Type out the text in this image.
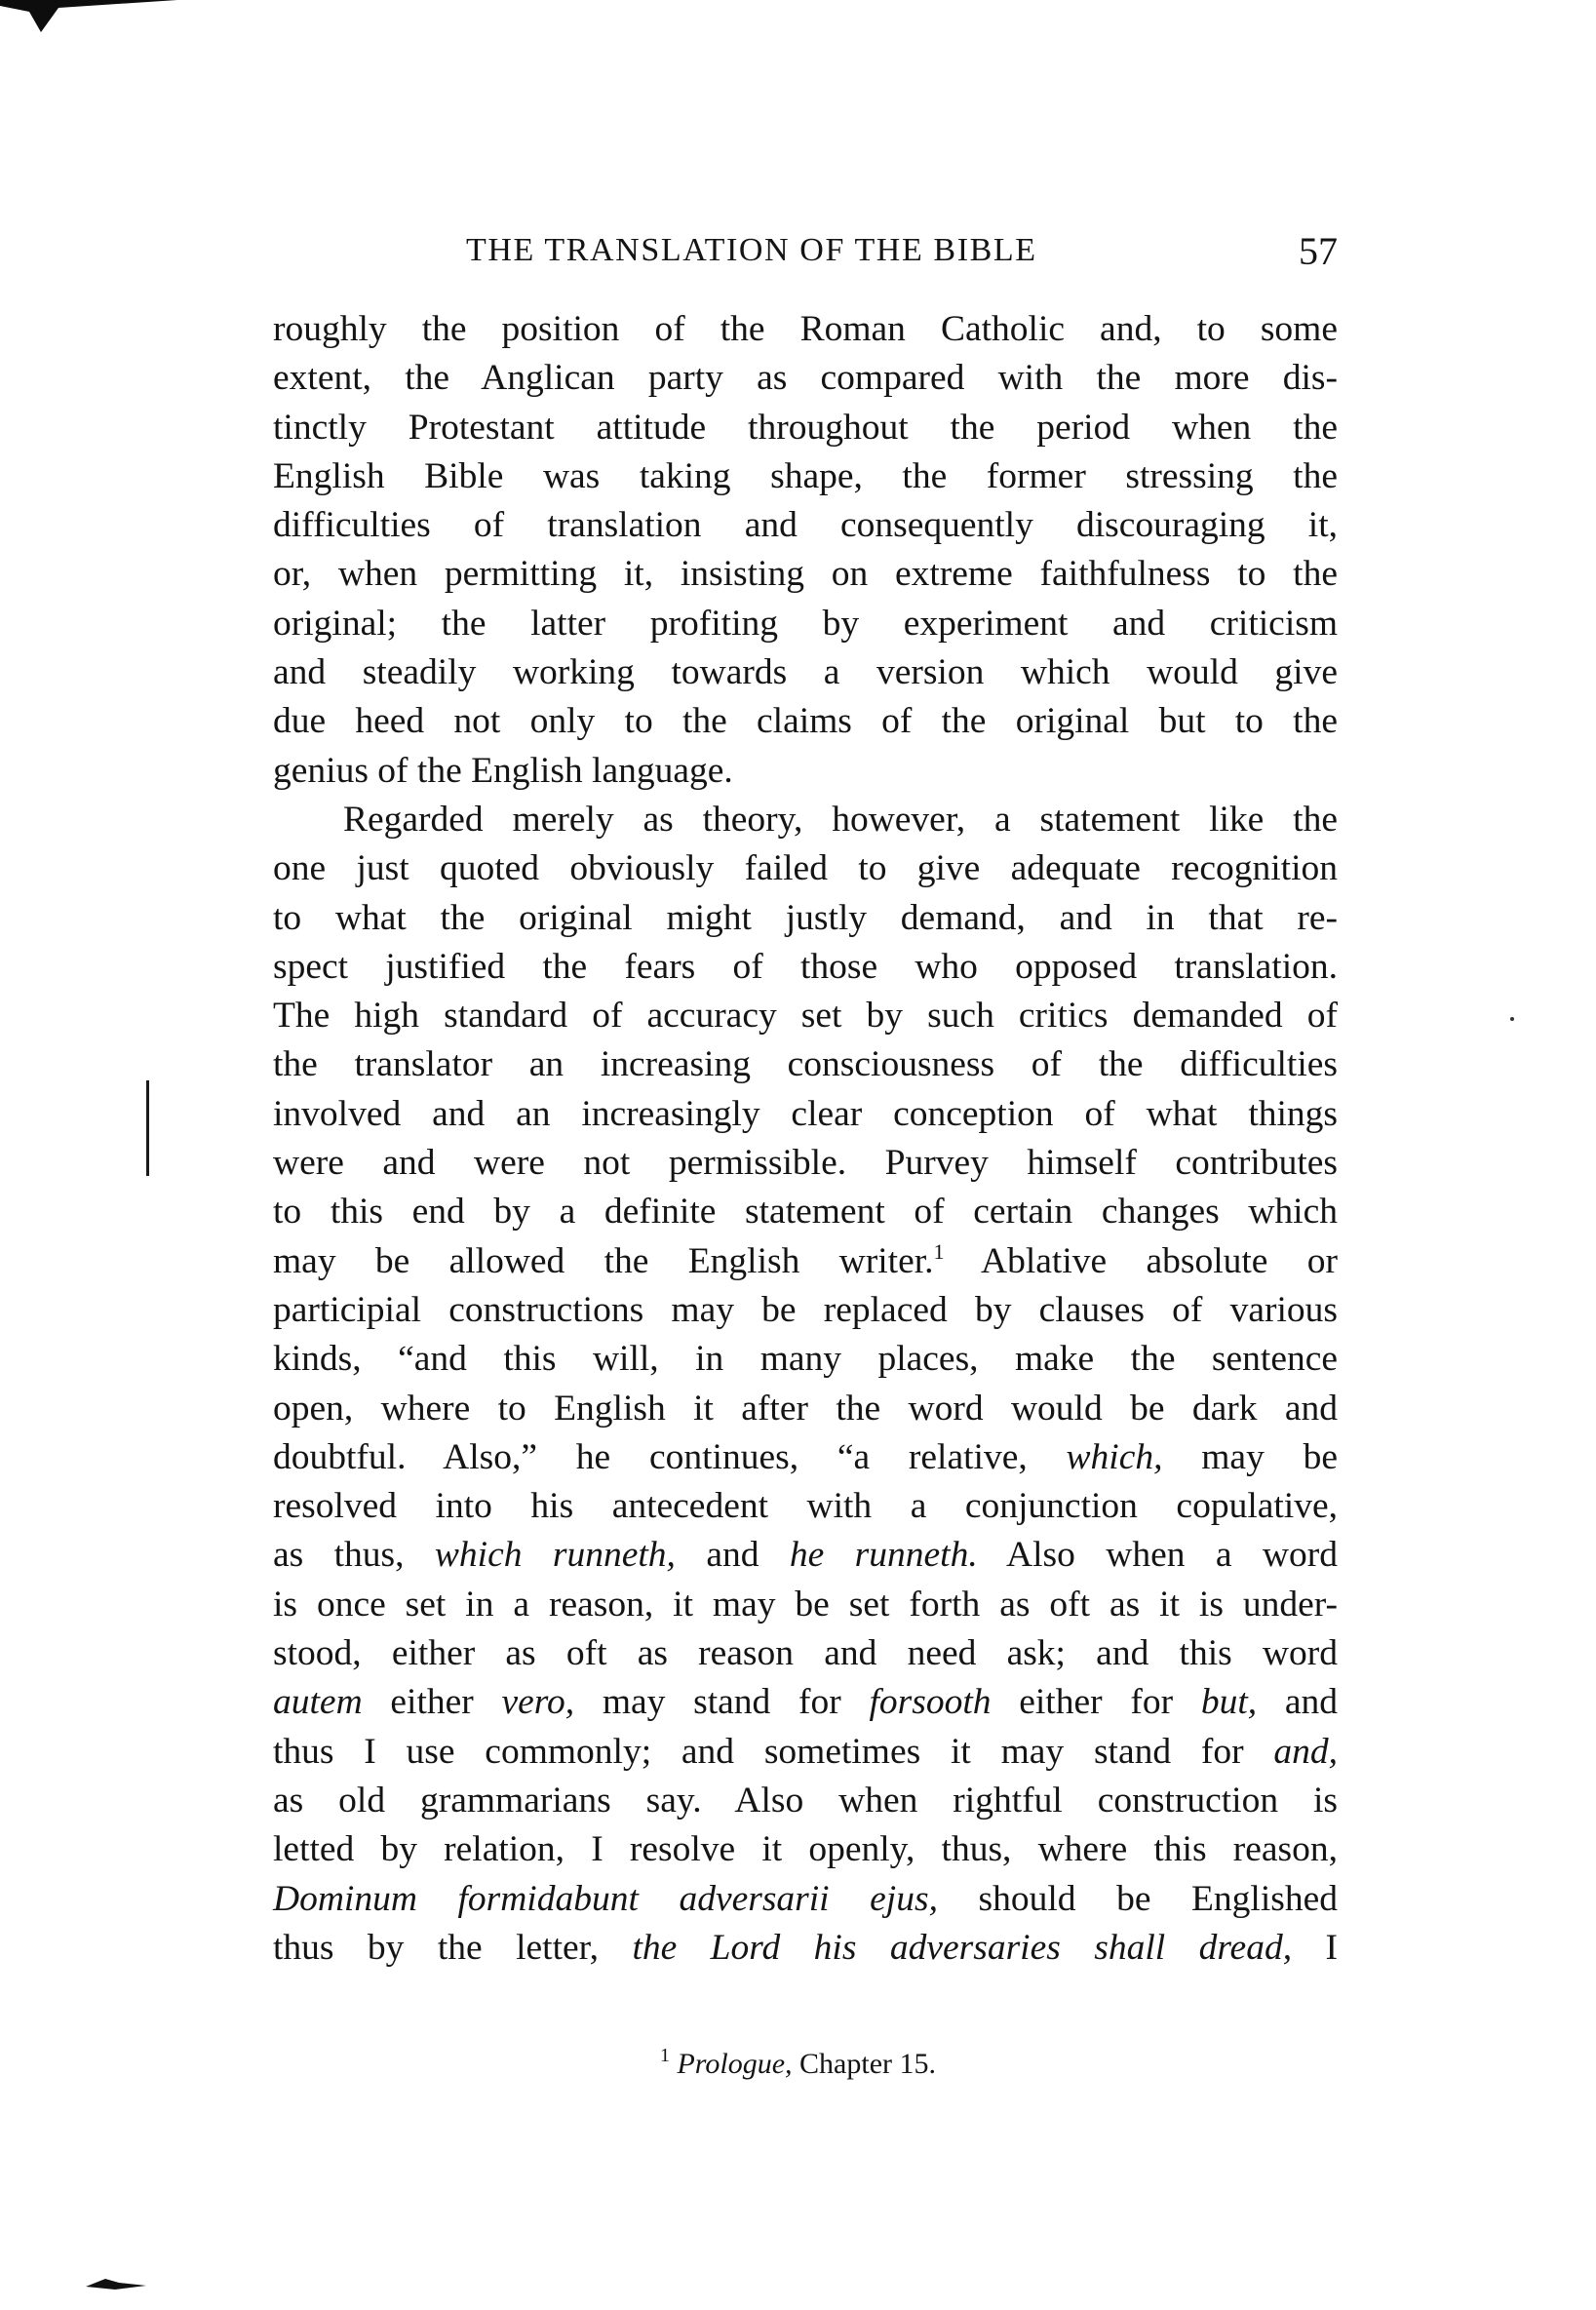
THE TRANSLATION OF THE BIBLE	57
roughly the position of the Roman Catholic and, to some
extent, the Anglican party as compared with the more dis-
tinctly Protestant attitude throughout the period when the
English Bible was taking shape, the former stressing the
difficulties of translation and consequently discouraging it,
or, when permitting it, insisting on extreme faithfulness to the
original; the latter profiting by experiment and criticism
and steadily working towards a version which would give
due heed not only to the claims of the original but to the
genius of the English language.
Regarded merely as theory, however, a statement like the
one just quoted obviously failed to give adequate recognition
to what the original might justly demand, and in that re-
spect justified the fears of those who opposed translation.
The high standard of accuracy set by such critics demanded of
the translator an increasing consciousness of the difficulties
involved and an increasingly clear conception of what things
were and were not permissible. Purvey himself contributes
to this end by a definite statement of certain changes which
may be allowed the English writer.$^1$  Ablative absolute or
participial constructions may be replaced by clauses of various
kinds, “and this will, in many places, make the sentence
open, where to English it after the word would be dark and
doubtful. Also,” he continues, “a relative, which, may be
resolved into his antecedent with a conjunction copulative,
as thus, which runneth, and he runneth. Also when a word
is once set in a reason, it may be set forth as oft as it is under-
stood, either as oft as reason and need ask; and this word
autem either vero, may stand for forsooth either for but, and
thus I use commonly; and sometimes it may stand for and,
as old grammarians say. Also when rightful construction is
letted by relation, I resolve it openly, thus, where this reason,
Dominum formidabunt adversarii ejus, should be Englished
thus by the letter, the Lord his adversaries shall dread, I
$^1$ Prologue, Chapter 15.
